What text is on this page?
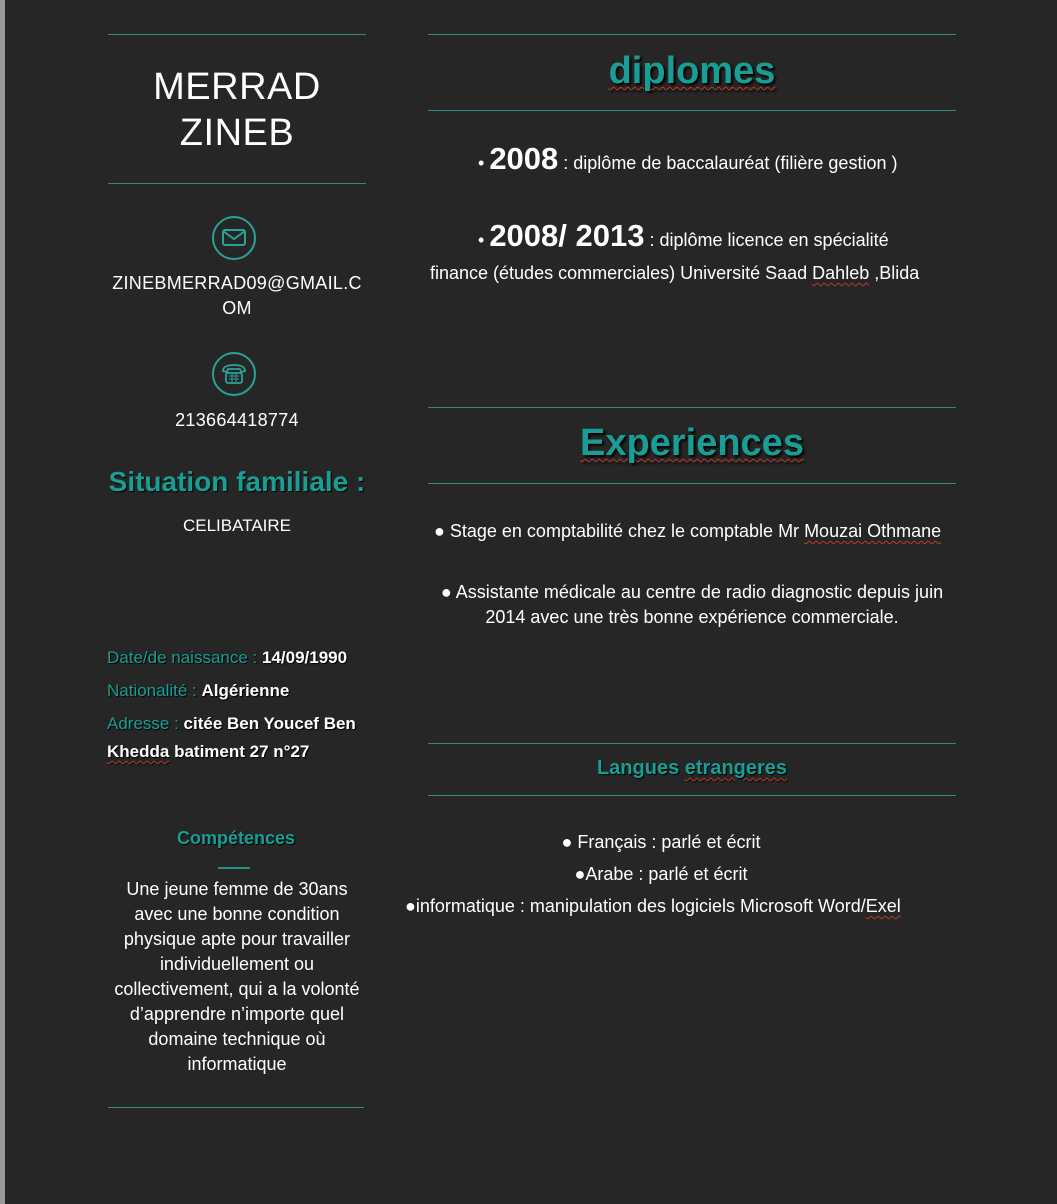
MERRAD
ZINEB
ZINEBMERRAD09@GMAIL.C
OM
213664418774
Situation familiale :
CELIBATAIRE
Date/de naissance : 14/09/1990
Nationalité : Algérienne
Adresse : citée Ben Youcef Ben
Khedda batiment 27 n°27
Compétences
Une jeune femme de 30ans
avec une bonne condition
physique apte pour travailler
individuellement ou
collectivement, qui a la volonté
d’apprendre n’importe quel
domaine technique où
informatique
diplomes
• 2008 : diplôme de baccalauréat (filière gestion )
• 2008/ 2013 : diplôme licence en spécialité
finance (études commerciales) Université Saad Dahleb ,Blida
Experiences
● Stage en comptabilité chez le comptable Mr Mouzai Othmane
● Assistante médicale au centre de radio diagnostic depuis juin
2014 avec une très bonne expérience commerciale.
Langues etrangeres
● Français : parlé et écrit
●Arabe : parlé et écrit
●informatique : manipulation des logiciels Microsoft Word/Exel
